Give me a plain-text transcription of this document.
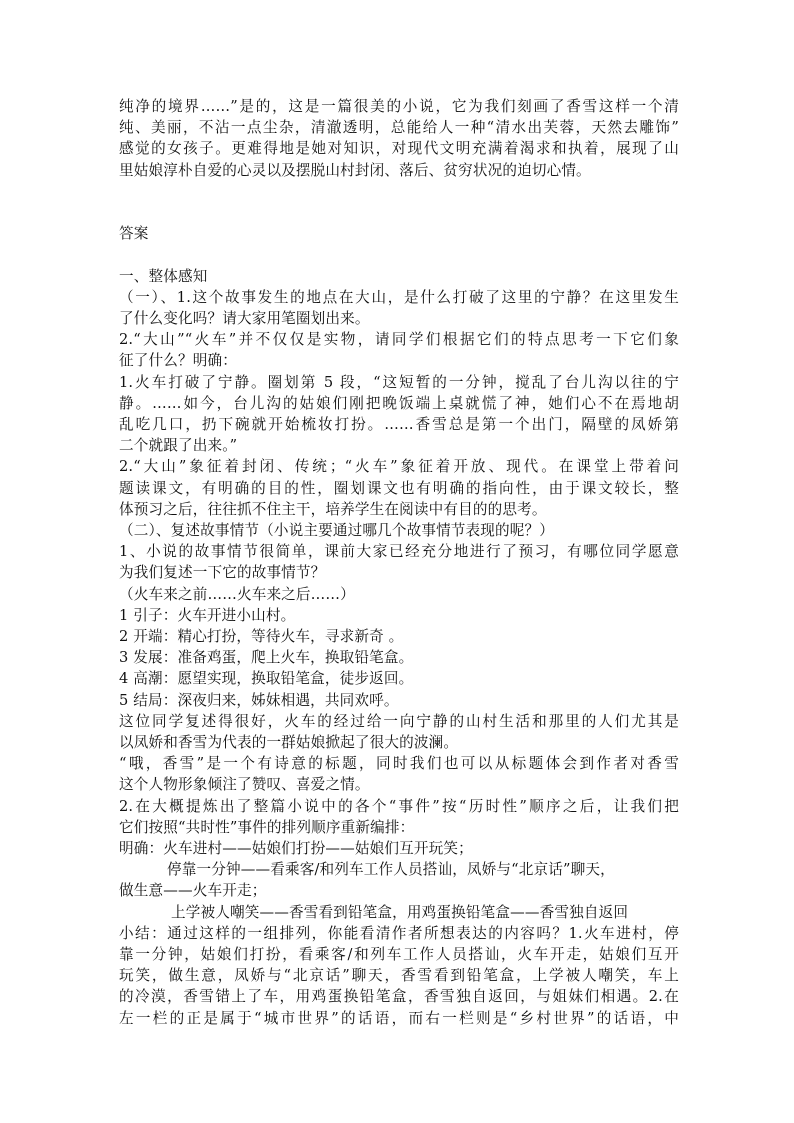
纯净的境界……”是的，这是一篇很美的小说，它为我们刻画了香雪这样一个清
纯、美丽，不沾一点尘杂，清澈透明，总能给人一种“清水出芙蓉，天然去雕饰”
感觉的女孩子。更难得地是她对知识，对现代文明充满着渴求和执着，展现了山
里姑娘淳朴自爱的心灵以及摆脱山村封闭、落后、贫穷状况的迫切心情。
答案
一、整体感知
（一）、1.这个故事发生的地点在大山，是什么打破了这里的宁静？在这里发生
了什么变化吗？请大家用笔圈划出来。
2.“大山”“火车”并不仅仅是实物，请同学们根据它们的特点思考一下它们象
征了什么？明确：
1.火车打破了宁静。圈划第 5 段，“这短暂的一分钟，搅乱了台儿沟以往的宁
静。……如今，台儿沟的姑娘们刚把晚饭端上桌就慌了神，她们心不在焉地胡
乱吃几口，扔下碗就开始梳妆打扮。……香雪总是第一个出门，隔壁的凤娇第
二个就跟了出来。”
2.“大山”象征着封闭、传统；“火车”象征着开放、现代。在课堂上带着问
题读课文，有明确的目的性，圈划课文也有明确的指向性，由于课文较长，整
体预习之后，往往抓不住主干，培养学生在阅读中有目的的思考。
（二）、复述故事情节（小说主要通过哪几个故事情节表现的呢？）
1、小说的故事情节很简单，课前大家已经充分地进行了预习，有哪位同学愿意
为我们复述一下它的故事情节？
（火车来之前……火车来之后……）
1 引子：火车开进小山村。
2 开端：精心打扮，等待火车，寻求新奇 。
3 发展：准备鸡蛋，爬上火车，换取铅笔盒。
4 高潮：愿望实现，换取铅笔盒，徒步返回。
5 结局：深夜归来，姊妹相遇，共同欢呼。
这位同学复述得很好，火车的经过给一向宁静的山村生活和那里的人们尤其是
以凤娇和香雪为代表的一群姑娘掀起了很大的波澜。
“哦，香雪”是一个有诗意的标题，同时我们也可以从标题体会到作者对香雪
这个人物形象倾注了赞叹、喜爱之情。
2.在大概提炼出了整篇小说中的各个“事件”按“历时性”顺序之后，让我们把
它们按照“共时性”事件的排列顺序重新编排：
明确：火车进村——姑娘们打扮——姑娘们互开玩笑；
停靠一分钟——看乘客/和列车工作人员搭讪，凤娇与“北京话”聊天，
做生意——火车开走；
上学被人嘲笑——香雪看到铅笔盒，用鸡蛋换铅笔盒——香雪独自返回
小结：通过这样的一组排列，你能看清作者所想表达的内容吗？1.火车进村，停
靠一分钟，姑娘们打扮，看乘客/和列车工作人员搭讪，火车开走，姑娘们互开
玩笑，做生意，凤娇与“北京话”聊天，香雪看到铅笔盒，上学被人嘲笑，车上
的冷漠，香雪错上了车，用鸡蛋换铅笔盒，香雪独自返回，与姐妹们相遇。2.在
左一栏的正是属于“城市世界”的话语，而右一栏则是“乡村世界”的话语，中
